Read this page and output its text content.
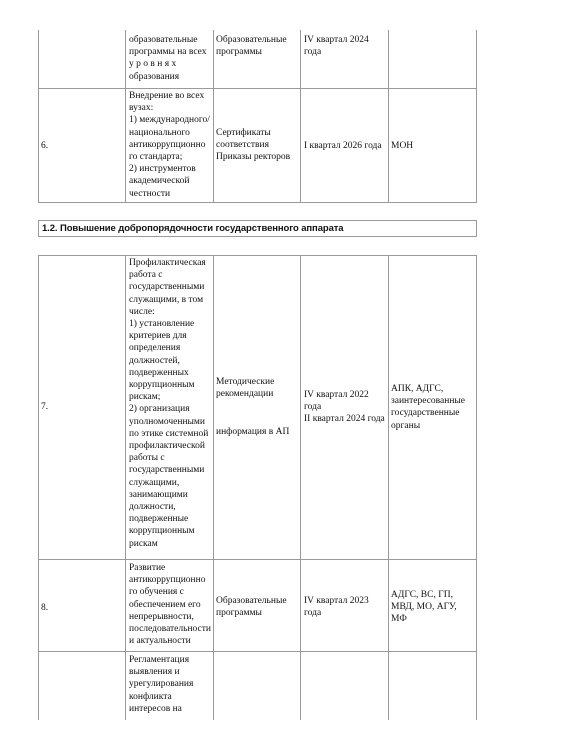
образовательные
программы на всех
у р о в н я х
образования
Образовательные
программы
IV квартал 2024
года
6.
Внедрение во всех
вузах:
1) международного/
национального
антикоррупционно
го стандарта;
2) инструментов
академической
честности
Сертификаты
соответствия
Приказы ректоров
I квартал 2026 года МОН
1.2. Повышение добропорядочности государственного аппарата
7.
Профилактическая
работа с
государственными
служащими, в том
числе:
1) установление
критериев для
определения
должностей,
подверженных
коррупционным
рискам;
2) организация
уполномоченными
по этике системной
профилактической
работы с
государственными
служащими,
занимающими
должности,
подверженные
коррупционным
рискам
Методические
рекомендации
информация в АП
IV квартал 2022
года
II квартал 2024 года
АПК, АДГС,
заинтересованные
государственные
органы
8.
Развитие
антикоррупционно
го обучения с
обеспечением его
непрерывности,
последовательности
и актуальности
Образовательные
программы
IV квартал 2023
года
АДГС, ВС, ГП,
МВД, МО, АГУ,
МФ
Регламентация
выявления и
урегулирования
конфликта
интересов на
